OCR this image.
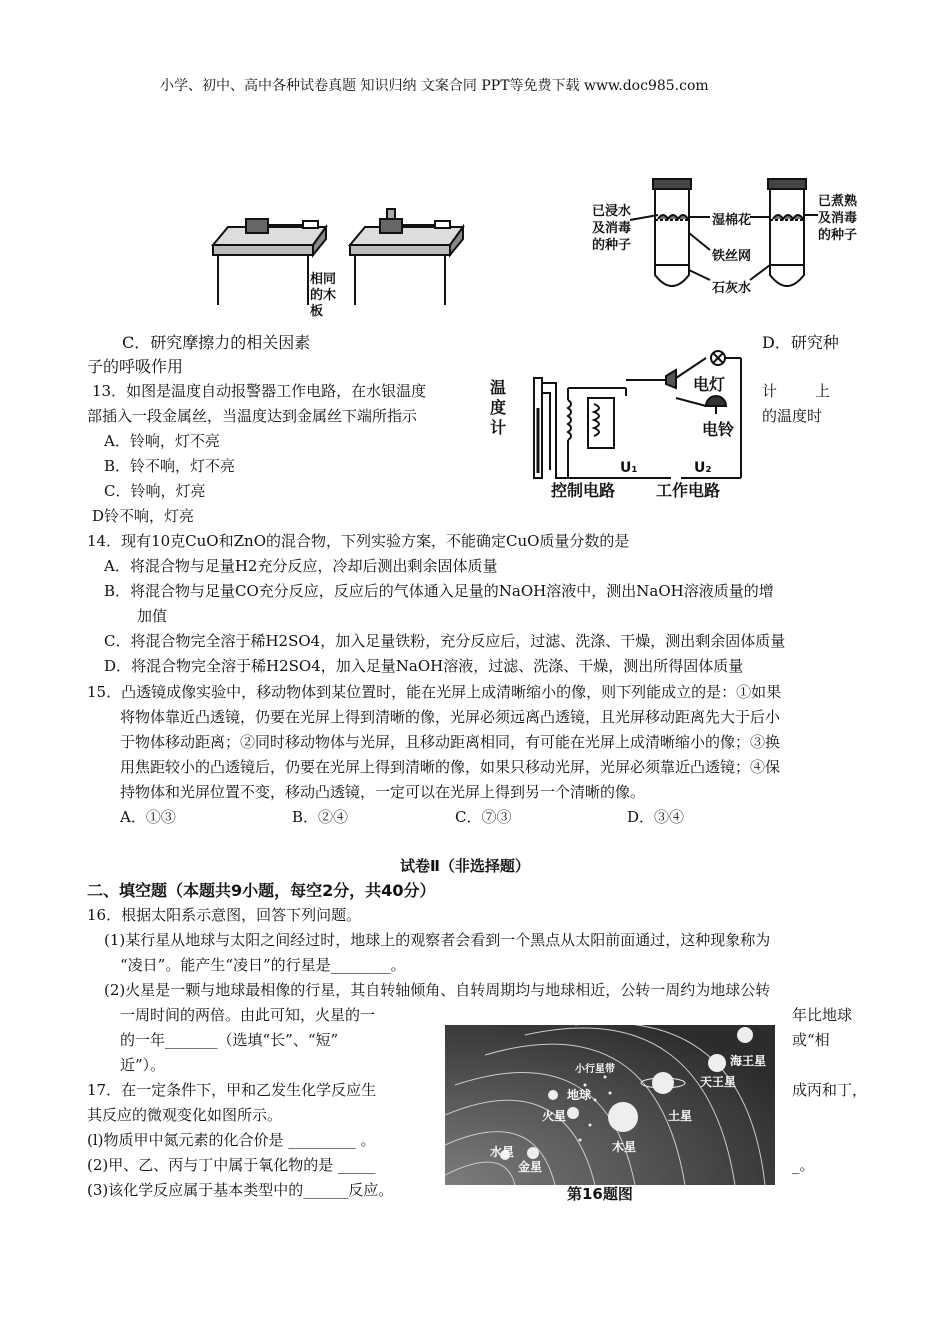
小学、初中、高中各种试卷真题 知识归纳 文案合同 PPT等免费下载 www.doc985.com
相同的木板
已浸水及消毒的种子
湿棉花
铁丝网
石灰水
已煮熟及消毒的种子
C．研究摩擦力的相关因素	D．研究种
子的呼吸作用
13．如图是温度自动报警器工作电路，在水银温度	计        上
部插入一段金属丝，当温度达到金属丝下端所指示	的温度时
A．铃响，灯不亮
B．铃不响，灯不亮
C．铃响，灯亮
D铃不响，灯亮
温度计
电灯
电铃
U₁	U₂
控制电路	工作电路
14．现有10克CuO和ZnO的混合物，下列实验方案，不能确定CuO质量分数的是
A．将混合物与足量H2充分反应，冷却后测出剩余固体质量
B．将混合物与足量CO充分反应，反应后的气体通入足量的NaOH溶液中，测出NaOH溶液质量的增
加值
C．将混合物完全溶于稀H2SO4，加入足量铁粉，充分反应后，过滤、洗涤、干燥，测出剩余固体质量
D．将混合物完全溶于稀H2SO4，加入足量NaOH溶液，过滤、洗涤、干燥，测出所得固体质量
15．凸透镜成像实验中，移动物体到某位置时，能在光屏上成清晰缩小的像，则下列能成立的是：①如果
将物体靠近凸透镜，仍要在光屏上得到清晰的像，光屏必须远离凸透镜，且光屏移动距离先大于后小
于物体移动距离；②同时移动物体与光屏，且移动距离相同，有可能在光屏上成清晰缩小的像；③换
用焦距较小的凸透镜后，仍要在光屏上得到清晰的像，如果只移动光屏，光屏必须靠近凸透镜；④保
持物体和光屏位置不变，移动凸透镜，一定可以在光屏上得到另一个清晰的像。
A．①③	B．②④	C．⑦③	D．③④
试卷Ⅱ（非选择题）
二、填空题（本题共9小题，每空2分，共40分）
16．根据太阳系示意图，回答下列问题。
(1)某行星从地球与太阳之间经过时，地球上的观察者会看到一个黑点从太阳前面通过，这种现象称为
“凌日”。能产生“凌日”的行星是________。
(2)火星是一颗与地球最相像的行星，其自转轴倾角、自转周期均与地球相近，公转一周约为地球公转
一周时间的两倍。由此可知，火星的一	年比地球
的一年_______（选填“长”、“短”	或“相
近”）。	海王星
天王星
土星
木星
火星
地球
金星
水星
小行星带
第16题图
17．在一定条件下，甲和乙发生化学反应生	成丙和丁，
其反应的微观变化如图所示。
(l)物质甲中氮元素的化合价是 _________ 。
(2)甲、乙、丙与丁中属于氧化物的是 _____	_。
(3)该化学反应属于基本类型中的______反应。
